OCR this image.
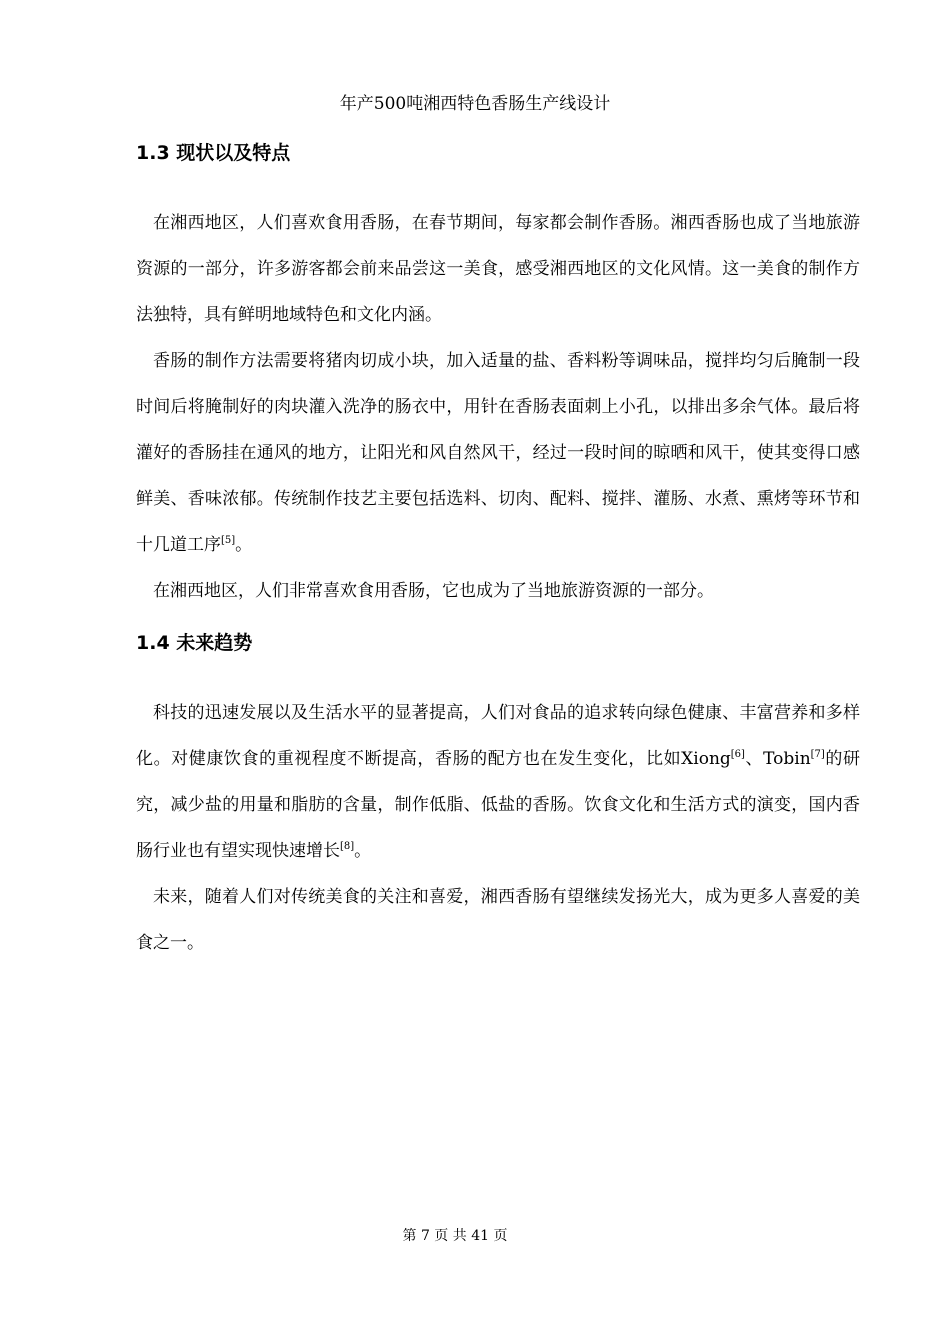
年产500吨湘西特色香肠生产线设计
1.3 现状以及特点

在湘西地区，人们喜欢食用香肠，在春节期间，每家都会制作香肠。湘西香肠也成了当地旅游资源的一部分，许多游客都会前来品尝这一美食，感受湘西地区的文化风情。这一美食的制作方法独特，具有鲜明地域特色和文化内涵。

香肠的制作方法需要将猪肉切成小块，加入适量的盐、香料粉等调味品，搅拌均匀后腌制一段时间后将腌制好的肉块灌入洗净的肠衣中，用针在香肠表面刺上小孔，以排出多余气体。最后将灌好的香肠挂在通风的地方，让阳光和风自然风干，经过一段时间的晾晒和风干，使其变得口感鲜美、香味浓郁。传统制作技艺主要包括选料、切肉、配料、搅拌、灌肠、水煮、熏烤等环节和十几道工序[5]。

在湘西地区，人们非常喜欢食用香肠，它也成为了当地旅游资源的一部分。

1.4 未来趋势

科技的迅速发展以及生活水平的显著提高，人们对食品的追求转向绿色健康、丰富营养和多样化。对健康饮食的重视程度不断提高，香肠的配方也在发生变化，比如Xiong[6]、Tobin[7]的研究，减少盐的用量和脂肪的含量，制作低脂、低盐的香肠。饮食文化和生活方式的演变，国内香肠行业也有望实现快速增长[8]。

未来，随着人们对传统美食的关注和喜爱，湘西香肠有望继续发扬光大，成为更多人喜爱的美食之一。

第 7 页 共 41 页
